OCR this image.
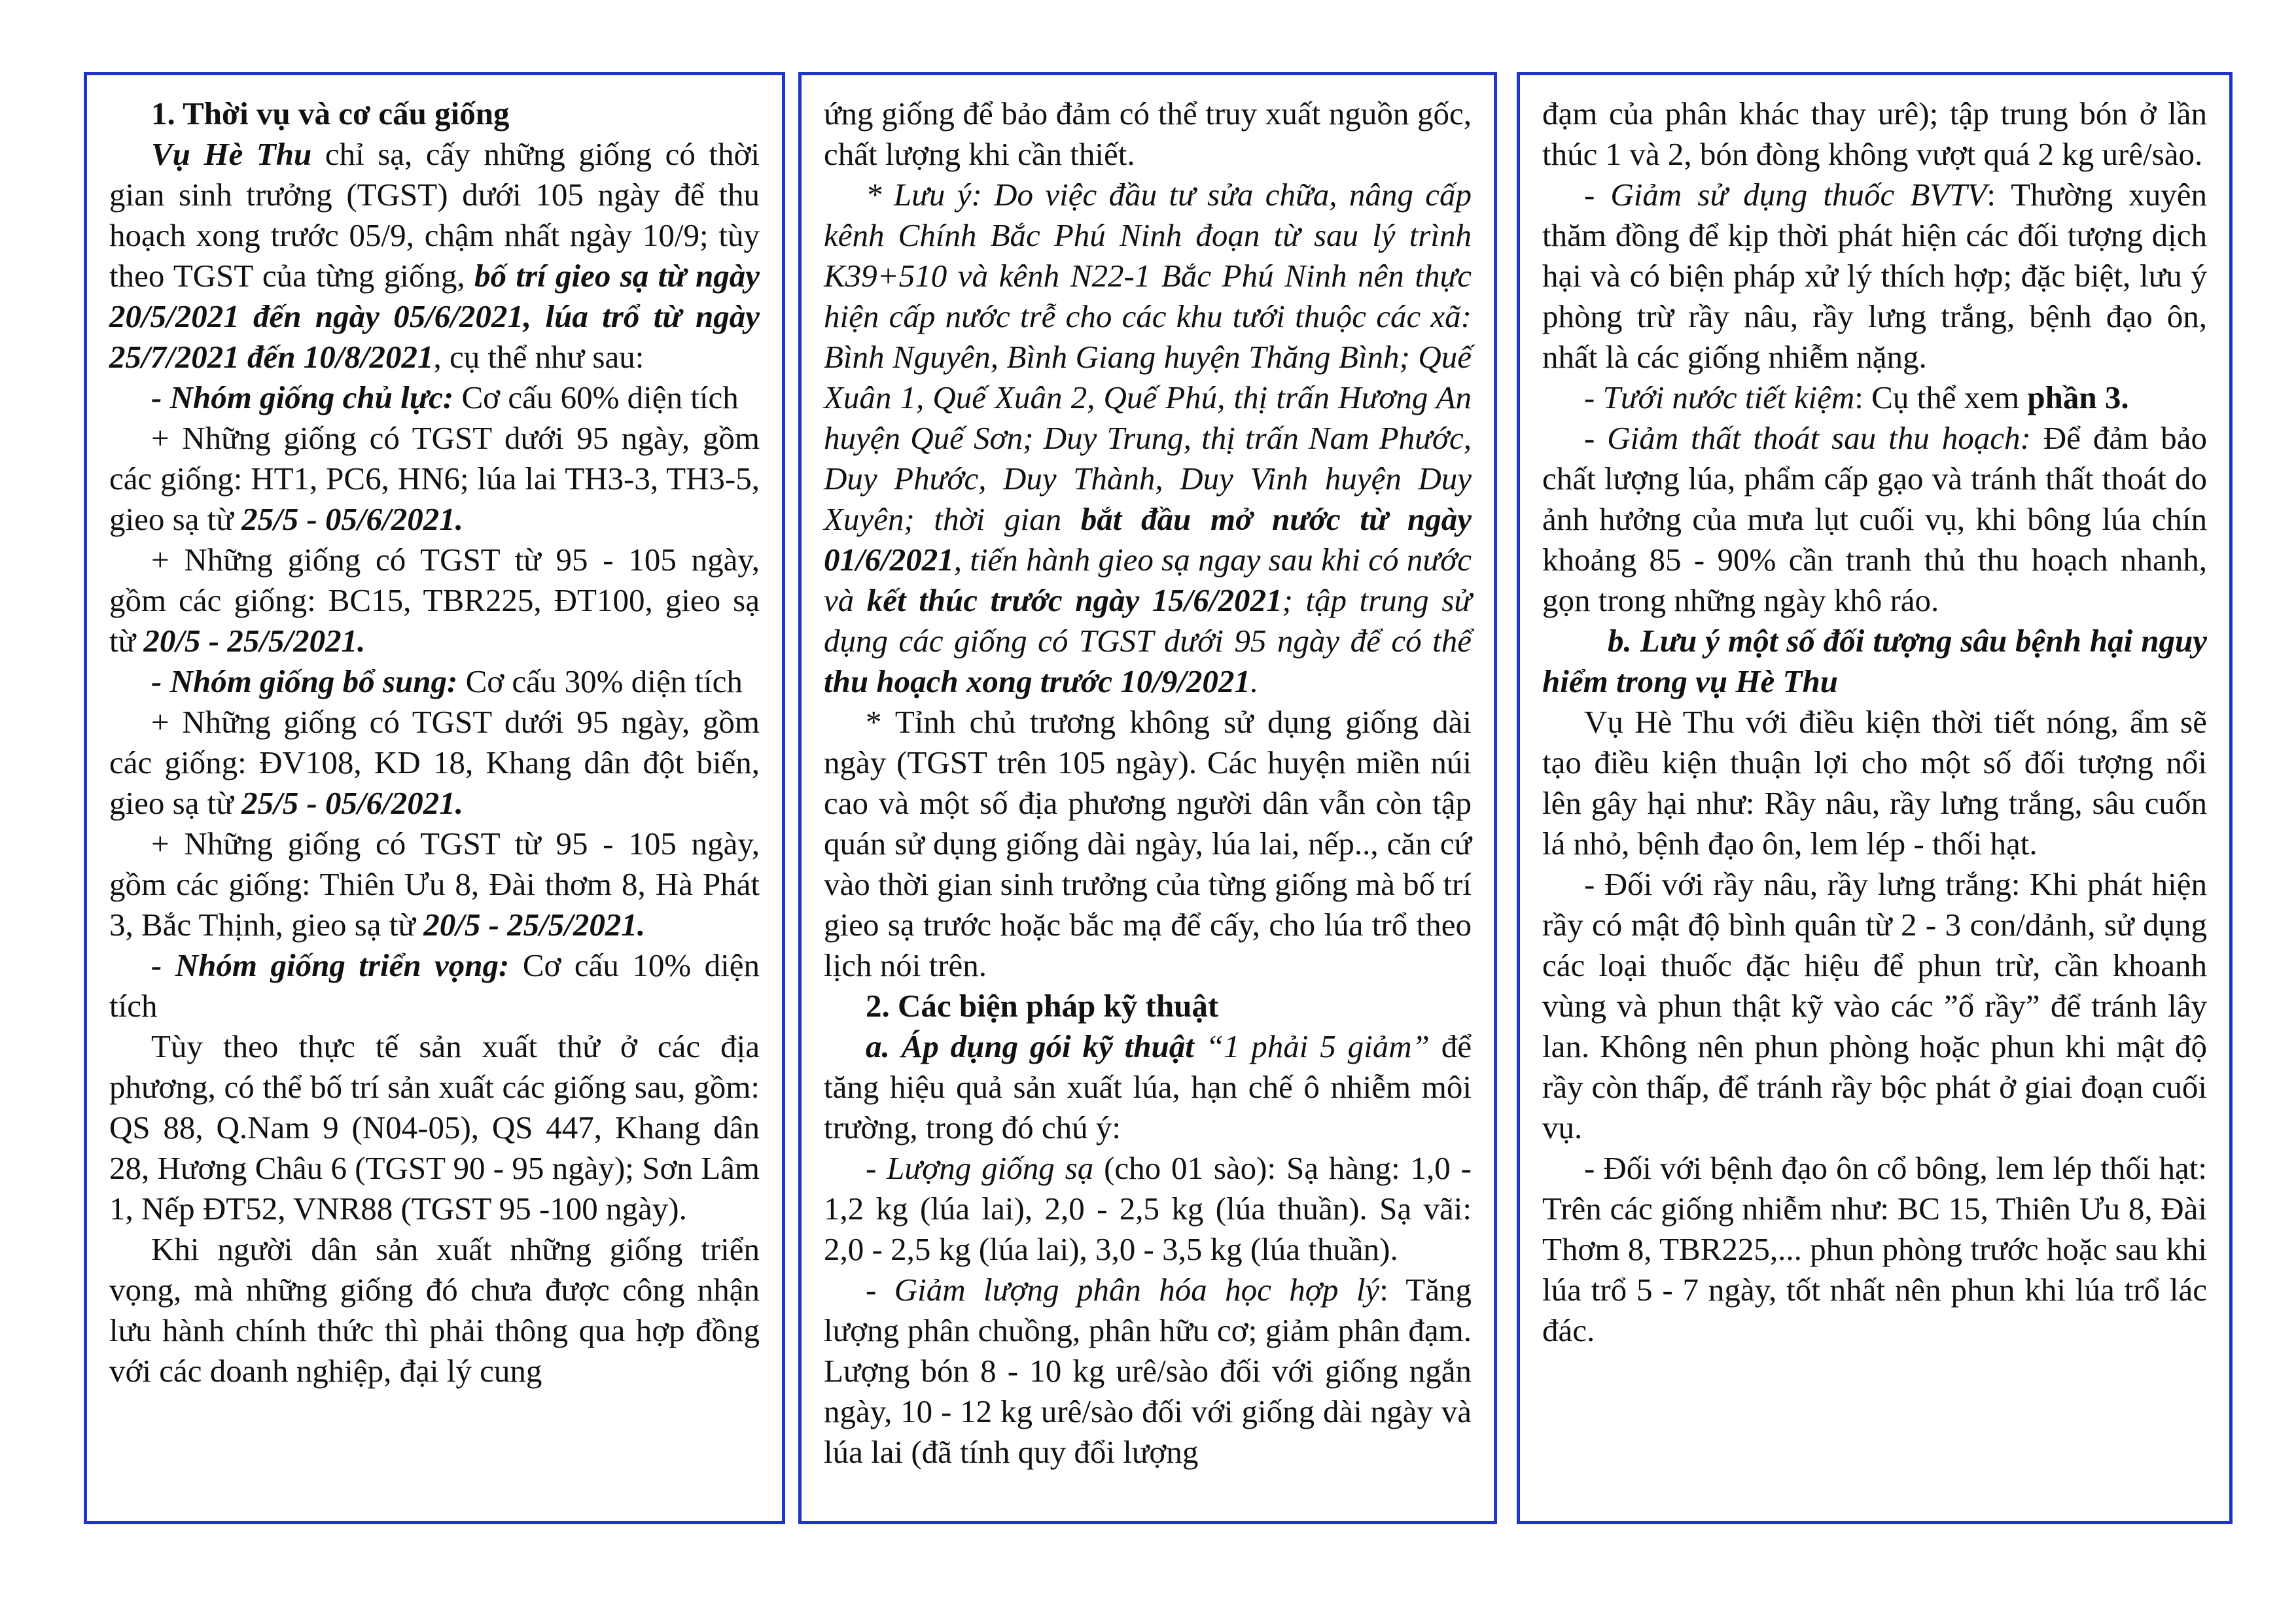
1. Thời vụ và cơ cấu giống

Vụ Hè Thu chỉ sạ, cấy những giống có thời gian sinh trưởng (TGST) dưới 105 ngày để thu hoạch xong trước 05/9, chậm nhất ngày 10/9; tùy theo TGST của từng giống, bố trí gieo sạ từ ngày 20/5/2021 đến ngày 05/6/2021, lúa trổ từ ngày 25/7/2021 đến 10/8/2021, cụ thể như sau:

- Nhóm giống chủ lực: Cơ cấu 60% diện tích

+ Những giống có TGST dưới 95 ngày, gồm các giống: HT1, PC6, HN6; lúa lai TH3-3, TH3-5, gieo sạ từ 25/5 - 05/6/2021.

+ Những giống có TGST từ 95 - 105 ngày, gồm các giống: BC15, TBR225, ĐT100, gieo sạ từ 20/5 - 25/5/2021.

- Nhóm giống bổ sung: Cơ cấu 30% diện tích

+ Những giống có TGST dưới 95 ngày, gồm các giống: ĐV108, KD 18, Khang dân đột biến, gieo sạ từ 25/5 - 05/6/2021.

+ Những giống có TGST từ 95 - 105 ngày, gồm các giống: Thiên Ưu 8, Đài thơm 8, Hà Phát 3, Bắc Thịnh, gieo sạ từ 20/5 - 25/5/2021.

- Nhóm giống triển vọng: Cơ cấu 10% diện tích

Tùy theo thực tế sản xuất thử ở các địa phương, có thể bố trí sản xuất các giống sau, gồm: QS 88, Q.Nam 9 (N04-05), QS 447, Khang dân 28, Hương Châu 6 (TGST 90 - 95 ngày); Sơn Lâm 1, Nếp ĐT52, VNR88 (TGST 95 -100 ngày).

Khi người dân sản xuất những giống triển vọng, mà những giống đó chưa được công nhận lưu hành chính thức thì phải thông qua hợp đồng với các doanh nghiệp, đại lý cung

ứng giống để bảo đảm có thể truy xuất nguồn gốc, chất lượng khi cần thiết.

* Lưu ý: Do việc đầu tư sửa chữa, nâng cấp kênh Chính Bắc Phú Ninh đoạn từ sau lý trình K39+510 và kênh N22-1 Bắc Phú Ninh nên thực hiện cấp nước trễ cho các khu tưới thuộc các xã: Bình Nguyên, Bình Giang huyện Thăng Bình; Quế Xuân 1, Quế Xuân 2, Quế Phú, thị trấn Hương An huyện Quế Sơn; Duy Trung, thị trấn Nam Phước, Duy Phước, Duy Thành, Duy Vinh huyện Duy Xuyên; thời gian bắt đầu mở nước từ ngày 01/6/2021, tiến hành gieo sạ ngay sau khi có nước và kết thúc trước ngày 15/6/2021; tập trung sử dụng các giống có TGST dưới 95 ngày để có thể thu hoạch xong trước 10/9/2021.

* Tỉnh chủ trương không sử dụng giống dài ngày (TGST trên 105 ngày). Các huyện miền núi cao và một số địa phương người dân vẫn còn tập quán sử dụng giống dài ngày, lúa lai, nếp.., căn cứ vào thời gian sinh trưởng của từng giống mà bố trí gieo sạ trước hoặc bắc mạ để cấy, cho lúa trổ theo lịch nói trên.

2. Các biện pháp kỹ thuật

a. Áp dụng gói kỹ thuật “1 phải 5 giảm” để tăng hiệu quả sản xuất lúa, hạn chế ô nhiễm môi trường, trong đó chú ý:

- Lượng giống sạ (cho 01 sào): Sạ hàng: 1,0 - 1,2 kg (lúa lai), 2,0 - 2,5 kg (lúa thuần). Sạ vãi: 2,0 - 2,5 kg (lúa lai), 3,0 - 3,5 kg (lúa thuần).

- Giảm lượng phân hóa học hợp lý: Tăng lượng phân chuồng, phân hữu cơ; giảm phân đạm. Lượng bón 8 - 10 kg urê/sào đối với giống ngắn ngày, 10 - 12 kg urê/sào đối với giống dài ngày và lúa lai (đã tính quy đổi lượng

đạm của phân khác thay urê); tập trung bón ở lần thúc 1 và 2, bón đòng không vượt quá 2 kg urê/sào.

- Giảm sử dụng thuốc BVTV: Thường xuyên thăm đồng để kịp thời phát hiện các đối tượng dịch hại và có biện pháp xử lý thích hợp; đặc biệt, lưu ý phòng trừ rầy nâu, rầy lưng trắng, bệnh đạo ôn, nhất là các giống nhiễm nặng.

- Tưới nước tiết kiệm: Cụ thể xem phần 3.

- Giảm thất thoát sau thu hoạch: Để đảm bảo chất lượng lúa, phẩm cấp gạo và tránh thất thoát do ảnh hưởng của mưa lụt cuối vụ, khi bông lúa chín khoảng 85 - 90% cần tranh thủ thu hoạch nhanh, gọn trong những ngày khô ráo.

b. Lưu ý một số đối tượng sâu bệnh hại nguy hiểm trong vụ Hè Thu

Vụ Hè Thu với điều kiện thời tiết nóng, ẩm sẽ tạo điều kiện thuận lợi cho một số đối tượng nổi lên gây hại như: Rầy nâu, rầy lưng trắng, sâu cuốn lá nhỏ, bệnh đạo ôn, lem lép - thối hạt.

- Đối với rầy nâu, rầy lưng trắng: Khi phát hiện rầy có mật độ bình quân từ 2 - 3 con/dảnh, sử dụng các loại thuốc đặc hiệu để phun trừ, cần khoanh vùng và phun thật kỹ vào các ”ổ rầy” để tránh lây lan. Không nên phun phòng hoặc phun khi mật độ rầy còn thấp, để tránh rầy bộc phát ở giai đoạn cuối vụ.

- Đối với bệnh đạo ôn cổ bông, lem lép thối hạt: Trên các giống nhiễm như: BC 15, Thiên Ưu 8, Đài Thơm 8, TBR225,... phun phòng trước hoặc sau khi lúa trổ 5 - 7 ngày, tốt nhất nên phun khi lúa trổ lác đác.
